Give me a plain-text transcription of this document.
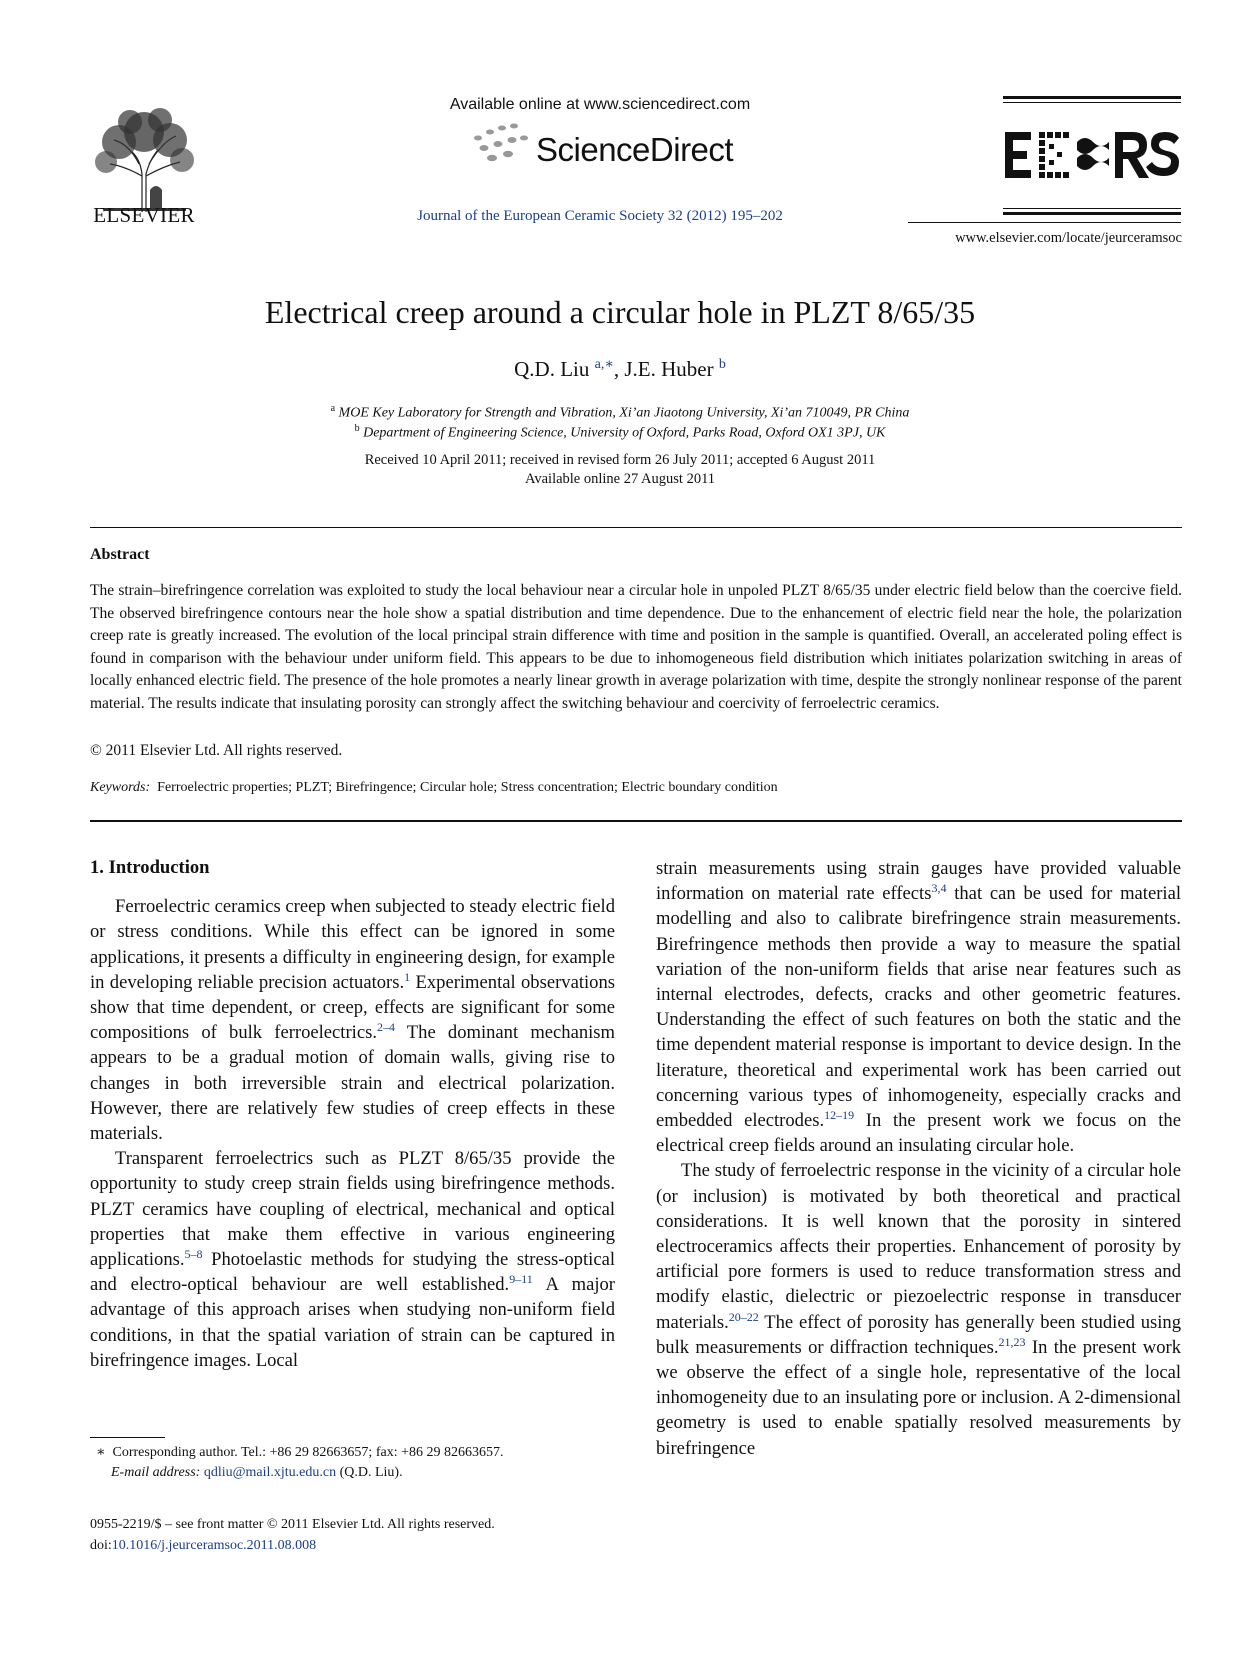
ELSEVIER
Available online at www.sciencedirect.com
ScienceDirect
Journal of the European Ceramic Society 32 (2012) 195–202
www.elsevier.com/locate/jeurceramsoc
Electrical creep around a circular hole in PLZT 8/65/35
Q.D. Liu $^{a,∗}$, J.E. Huber $^b$
$^a$ MOE Key Laboratory for Strength and Vibration, Xi’an Jiaotong University, Xi’an 710049, PR China
$^b$ Department of Engineering Science, University of Oxford, Parks Road, Oxford OX1 3PJ, UK
Received 10 April 2011; received in revised form 26 July 2011; accepted 6 August 2011
Available online 27 August 2011
Abstract
The strain–birefringence correlation was exploited to study the local behaviour near a circular hole in unpoled PLZT 8/65/35 under electric field below than the coercive field. The observed birefringence contours near the hole show a spatial distribution and time dependence. Due to the enhancement of electric field near the hole, the polarization creep rate is greatly increased. The evolution of the local principal strain difference with time and position in the sample is quantified. Overall, an accelerated poling effect is found in comparison with the behaviour under uniform field. This appears to be due to inhomogeneous field distribution which initiates polarization switching in areas of locally enhanced electric field. The presence of the hole promotes a nearly linear growth in average polarization with time, despite the strongly nonlinear response of the parent material. The results indicate that insulating porosity can strongly affect the switching behaviour and coercivity of ferroelectric ceramics.
© 2011 Elsevier Ltd. All rights reserved.
Keywords: Ferroelectric properties; PLZT; Birefringence; Circular hole; Stress concentration; Electric boundary condition
1. Introduction

Ferroelectric ceramics creep when subjected to steady electric field or stress conditions. While this effect can be ignored in some applications, it presents a difficulty in engineering design, for example in developing reliable precision actuators.$^1$ Experimental observations show that time dependent, or creep, effects are significant for some compositions of bulk ferroelectrics.$^{2-4}$ The dominant mechanism appears to be a gradual motion of domain walls, giving rise to changes in both irreversible strain and electrical polarization. However, there are relatively few studies of creep effects in these materials.

Transparent ferroelectrics such as PLZT 8/65/35 provide the opportunity to study creep strain fields using birefringence methods. PLZT ceramics have coupling of electrical, mechanical and optical properties that make them effective in various engineering applications.$^{5-8}$ Photoelastic methods for studying the stress-optical and electro-optical behaviour are well established.$^{9-11}$ A major advantage of this approach arises when studying non-uniform field conditions, in that the spatial variation of strain can be captured in birefringence images. Local

strain measurements using strain gauges have provided valuable information on material rate effects$^{3,4}$ that can be used for material modelling and also to calibrate birefringence strain measurements. Birefringence methods then provide a way to measure the spatial variation of the non-uniform fields that arise near features such as internal electrodes, defects, cracks and other geometric features. Understanding the effect of such features on both the static and the time dependent material response is important to device design. In the literature, theoretical and experimental work has been carried out concerning various types of inhomogeneity, especially cracks and embedded electrodes.$^{12-19}$ In the present work we focus on the electrical creep fields around an insulating circular hole.

The study of ferroelectric response in the vicinity of a circular hole (or inclusion) is motivated by both theoretical and practical considerations. It is well known that the porosity in sintered electroceramics affects their properties. Enhancement of porosity by artificial pore formers is used to reduce transformation stress and modify elastic, dielectric or piezoelectric response in transducer materials.$^{20-22}$ The effect of porosity has generally been studied using bulk measurements or diffraction techniques.$^{21,23}$ In the present work we observe the effect of a single hole, representative of the local inhomogeneity due to an insulating pore or inclusion. A 2-dimensional geometry is used to enable spatially resolved measurements by birefringence

∗ Corresponding author. Tel.: +86 29 82663657; fax: +86 29 82663657.
E-mail address: qdliu@mail.xjtu.edu.cn (Q.D. Liu).
0955-2219/$ – see front matter © 2011 Elsevier Ltd. All rights reserved.
doi:10.1016/j.jeurceramsoc.2011.08.008
